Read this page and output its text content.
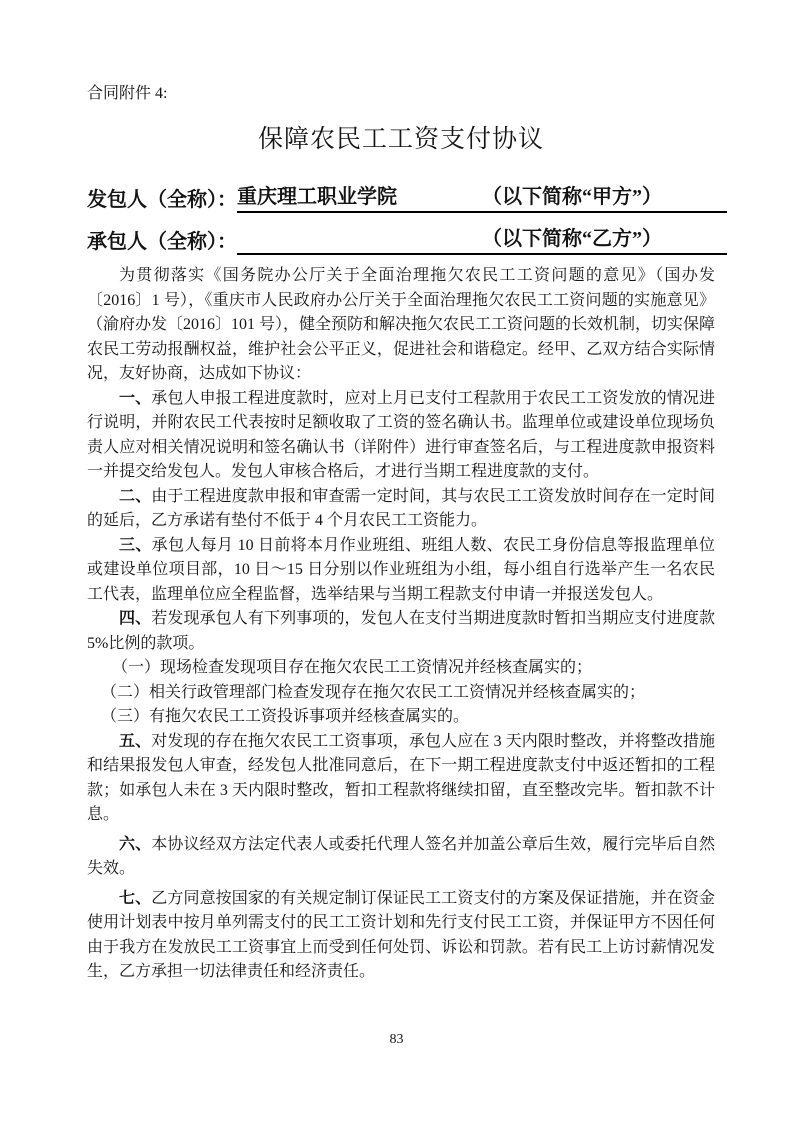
合同附件 4:
保障农民工工资支付协议
发包人（全称）： 重庆理工职业学院	（以下简称“甲方”）
承包人（全称）：	（以下简称“乙方”）

为贯彻落实《国务院办公厅关于全面治理拖欠农民工工资问题的意见》（国办发〔2016〕1 号），《重庆市人民政府办公厅关于全面治理拖欠农民工工资问题的实施意见》（渝府办发〔2016〕101 号），健全预防和解决拖欠农民工工资问题的长效机制，切实保障农民工劳动报酬权益，维护社会公平正义，促进社会和谐稳定。经甲、乙双方结合实际情况，友好协商，达成如下协议：

一、承包人申报工程进度款时，应对上月已支付工程款用于农民工工资发放的情况进行说明，并附农民工代表按时足额收取了工资的签名确认书。监理单位或建设单位现场负责人应对相关情况说明和签名确认书（详附件）进行审查签名后，与工程进度款申报资料一并提交给发包人。发包人审核合格后，才进行当期工程进度款的支付。

二、由于工程进度款申报和审查需一定时间，其与农民工工资发放时间存在一定时间的延后，乙方承诺有垫付不低于 4 个月农民工工资能力。

三、承包人每月 10 日前将本月作业班组、班组人数、农民工身份信息等报监理单位或建设单位项目部，10 日～15 日分别以作业班组为小组，每小组自行选举产生一名农民工代表，监理单位应全程监督，选举结果与当期工程款支付申请一并报送发包人。

四、若发现承包人有下列事项的，发包人在支付当期进度款时暂扣当期应支付进度款5%比例的款项。

（一）现场检查发现项目存在拖欠农民工工资情况并经核查属实的；

（二）相关行政管理部门检查发现存在拖欠农民工工资情况并经核查属实的；

（三）有拖欠农民工工资投诉事项并经核查属实的。

五、对发现的存在拖欠农民工工资事项，承包人应在 3 天内限时整改，并将整改措施和结果报发包人审查，经发包人批准同意后，在下一期工程进度款支付中返还暂扣的工程款；如承包人未在 3 天内限时整改，暂扣工程款将继续扣留，直至整改完毕。暂扣款不计息。

六、本协议经双方法定代表人或委托代理人签名并加盖公章后生效，履行完毕后自然失效。

七、乙方同意按国家的有关规定制订保证民工工资支付的方案及保证措施，并在资金使用计划表中按月单列需支付的民工工资计划和先行支付民工工资，并保证甲方不因任何由于我方在发放民工工资事宜上而受到任何处罚、诉讼和罚款。若有民工上访讨薪情况发生，乙方承担一切法律责任和经济责任。

83
